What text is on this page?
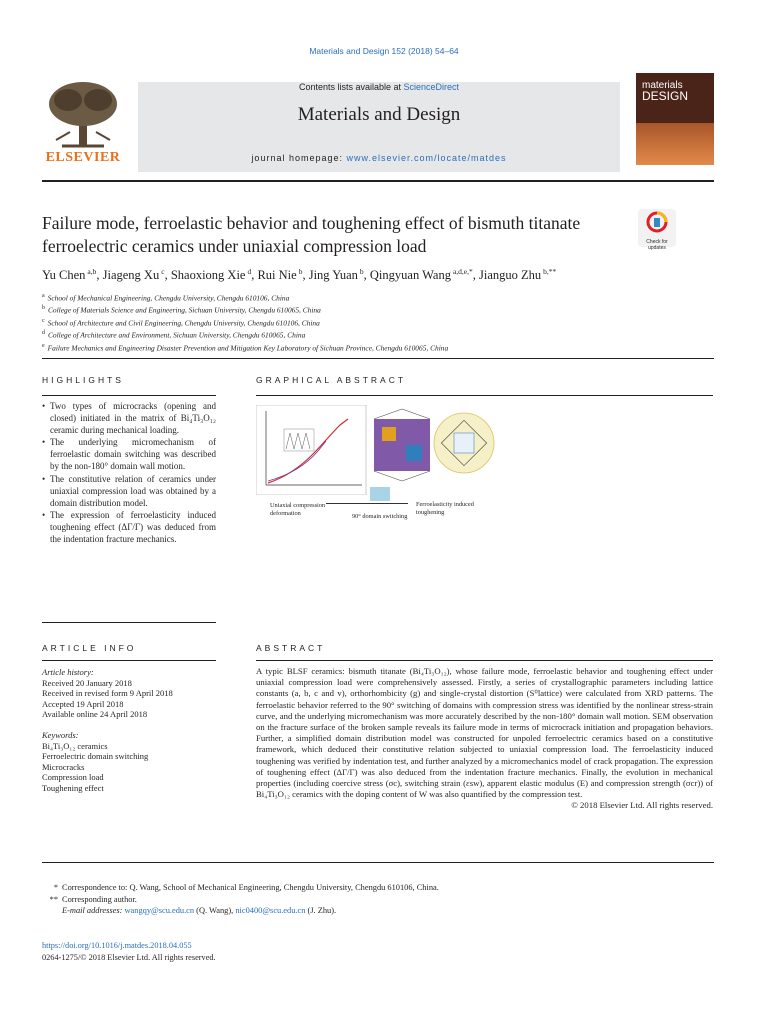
Materials and Design 152 (2018) 54–64
ELSEVIER
Contents lists available at ScienceDirect
Materials and Design
journal homepage: www.elsevier.com/locate/matdes
materials
DESIGN
Failure mode, ferroelastic behavior and toughening effect of bismuth titanate ferroelectric ceramics under uniaxial compression load	Check for updates
Yu Chen $^{a,b}$, Jiageng Xu $^c$, Shaoxiong Xie $^d$, Rui Nie $^b$, Jing Yuan $^b$, Qingyuan Wang $^{a,d,e,*}$, Jianguo Zhu $^{b,**}$
$^a$ School of Mechanical Engineering, Chengdu University, Chengdu 610106, China
$^b$ College of Materials Science and Engineering, Sichuan University, Chengdu 610065, China
$^c$ School of Architecture and Civil Engineering, Chengdu University, Chengdu 610106, China
$^d$ College of Architecture and Environment, Sichuan University, Chengdu 610065, China
$^e$ Failure Mechanics and Engineering Disaster Prevention and Mitigation Key Laboratory of Sichuan Province, Chengdu 610065, China
HIGHLIGHTS
• Two types of microcracks (opening and closed) initiated in the matrix of Bi₄Ti₃O₁₂ ceramic during mechanical loading.
• The underlying micromechanism of ferroelastic domain switching was described by the non-180° domain wall motion.
• The constitutive relation of ceramics under uniaxial compression load was obtained by a domain distribution model.
• The expression of ferroelasticity induced toughening effect (ΔΓ/Γ) was deduced from the indentation fracture mechanics.
GRAPHICAL ABSTRACT
Uniaxial compression
deformation	90° domain switching
Ferroelasticity induced
toughening
ARTICLE INFO
Article history:
Received 20 January 2018
Received in revised form 9 April 2018
Accepted 19 April 2018
Available online 24 April 2018
Keywords:
Bi₄Ti₃O₁₂ ceramics
Ferroelectric domain switching
Microcracks
Compression load
Toughening effect
ABSTRACT
A typic BLSF ceramics: bismuth titanate (Bi₄Ti₃O₁₂), whose failure mode, ferroelastic behavior and toughening effect under uniaxial compression load were comprehensively assessed. Firstly, a series of crystallographic parameters including lattice constants (a, b, c and v), orthorhombicity (g) and single-crystal distortion (S⁰lattice) were calculated from XRD patterns. The ferroelastic behavior referred to the 90° switching of domains with compression stress was identified by the nonlinear stress-strain curve, and the underlying micromechanism was more accurately described by the non-180° domain wall motion. SEM observation on the fracture surface of the broken sample reveals its failure mode in terms of microcrack initiation and propagation behaviors. Further, a simplified domain distribution model was constructed for unpoled ferroelectric ceramics based on a constitutive framework, which deduced their constitutive relation subjected to uniaxial compression load. The ferroelasticity induced toughening was verified by indentation test, and further analyzed by a micromechanics model of crack propagation. The expression of toughening effect (ΔΓ/Γ) was also deduced from the indentation fracture mechanics. Finally, the evolution in mechanical properties (including coercive stress (σc), switching strain (εsw), apparent elastic modulus (E) and compression strength (σcr)) of Bi₄Ti₃O₁₂ ceramics with the doping content of W was also quantified by the compression test.
© 2018 Elsevier Ltd. All rights reserved.
* Correspondence to: Q. Wang, School of Mechanical Engineering, Chengdu University, Chengdu 610106, China.
** Corresponding author.
E-mail addresses: wangqy@scu.edu.cn (Q. Wang), nic0400@scu.edu.cn (J. Zhu).
https://doi.org/10.1016/j.matdes.2018.04.055
0264-1275/© 2018 Elsevier Ltd. All rights reserved.
